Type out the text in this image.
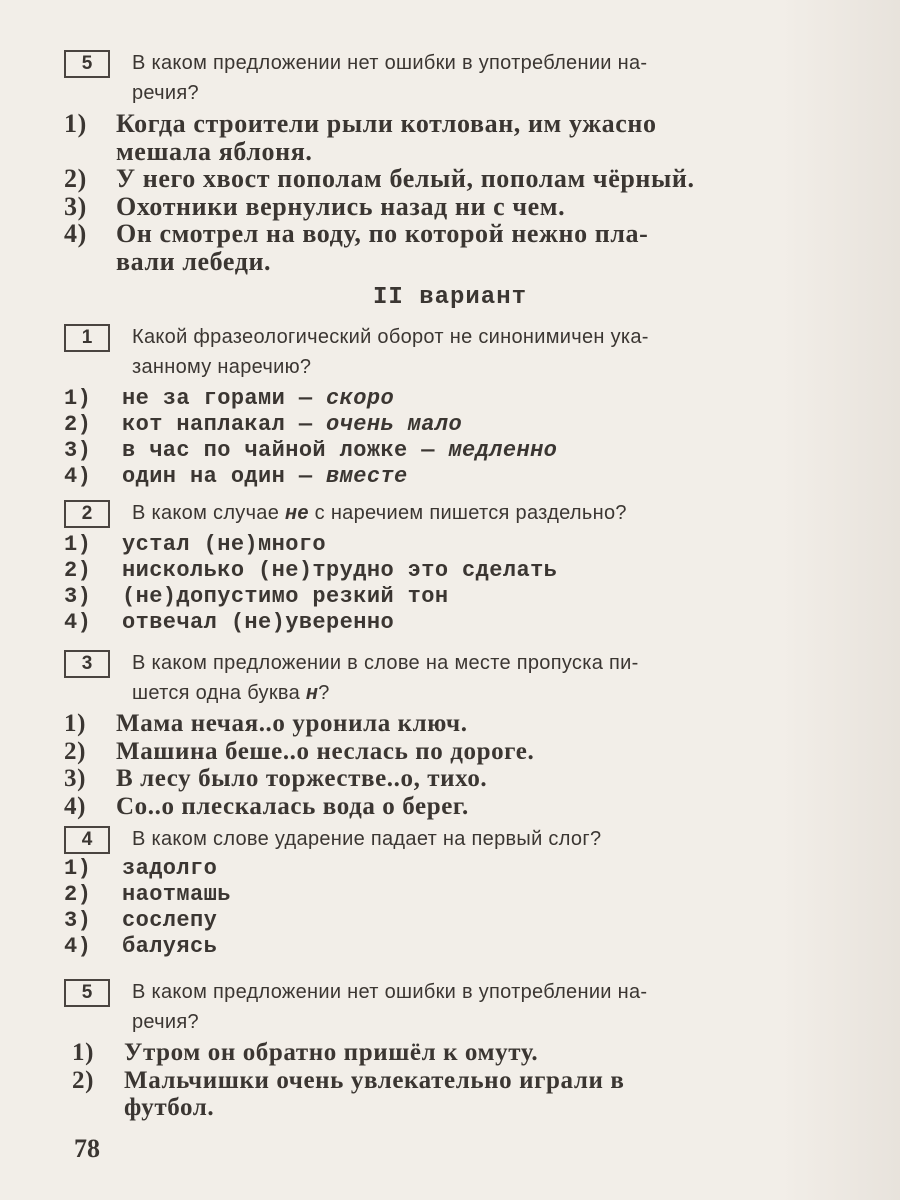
5	В каком предложении нет ошибки в употреблении на-
речия?
1) Когда строители рыли котлован, им ужасно
мешала яблоня.
2) У него хвост пополам белый, пополам чёрный.
3) Охотники вернулись назад ни с чем.
4) Он смотрел на воду, по которой нежно пла-
вали лебеди.
II вариант
1	Какой фразеологический оборот не синонимичен ука-
занному наречию?
1) не за горами — скоро
2) кот наплакал — очень мало
3) в час по чайной ложке — медленно
4) один на один — вместе
2	В каком случае не с наречием пишется раздельно?
1) устал (не)много
2) нисколько (не)трудно это сделать
3) (не)допустимо резкий тон
4) отвечал (не)уверенно
3	В каком предложении в слове на месте пропуска пи-
шется одна буква н?
1) Мама нечая..о уронила ключ.
2) Машина беше..о неслась по дороге.
3) В лесу было торжестве..о, тихо.
4) Со..о плескалась вода о берег.
4	В каком слове ударение падает на первый слог?
1) задолго
2) наотмашь
3) сослепу
4) балуясь
5	В каком предложении нет ошибки в употреблении на-
речия?
1) Утром он обратно пришёл к омуту.
2) Мальчишки очень увлекательно играли в
футбол.
78
